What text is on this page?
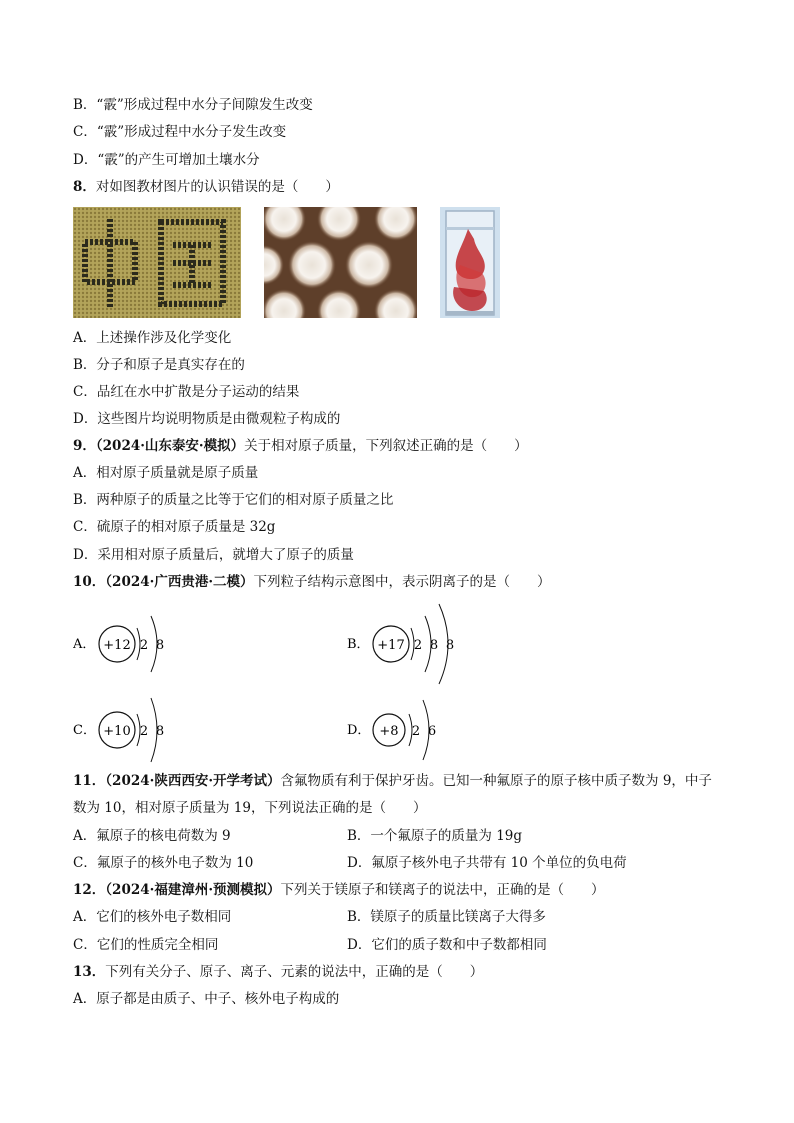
B．“霰”形成过程中水分子间隙发生改变
C．“霰”形成过程中水分子发生改变
D．“霰”的产生可增加土壤水分
8．对如图教材图片的认识错误的是（　　）
A．上述操作涉及化学变化
B．分子和原子是真实存在的
C．品红在水中扩散是分子运动的结果
D．这些图片均说明物质是由微观粒子构成的
9．（2024·山东泰安·模拟）关于相对原子质量，下列叙述正确的是（　　）
A．相对原子质量就是原子质量
B．两种原子的质量之比等于它们的相对原子质量之比
C．硫原子的相对原子质量是 32g
D．采用相对原子质量后，就增大了原子的质量
10．（2024·广西贵港·二模）下列粒子结构示意图中，表示阴离子的是（　　）
A． +12 2 8	B． +17 2 8 8
C． +10 2 8	D． +8 2 6
11．（2024·陕西西安·开学考试）含氟物质有利于保护牙齿。已知一种氟原子的原子核中质子数为 9，中子
数为 10，相对原子质量为 19，下列说法正确的是（　　）
A．氟原子的核电荷数为 9	B．一个氟原子的质量为 19g
C．氟原子的核外电子数为 10	D．氟原子核外电子共带有 10 个单位的负电荷
12．（2024·福建漳州·预测模拟）下列关于镁原子和镁离子的说法中，正确的是（　　）
A．它们的核外电子数相同	B．镁原子的质量比镁离子大得多
C．它们的性质完全相同	D．它们的质子数和中子数都相同
13．下列有关分子、原子、离子、元素的说法中，正确的是（　　）
A．原子都是由质子、中子、核外电子构成的
